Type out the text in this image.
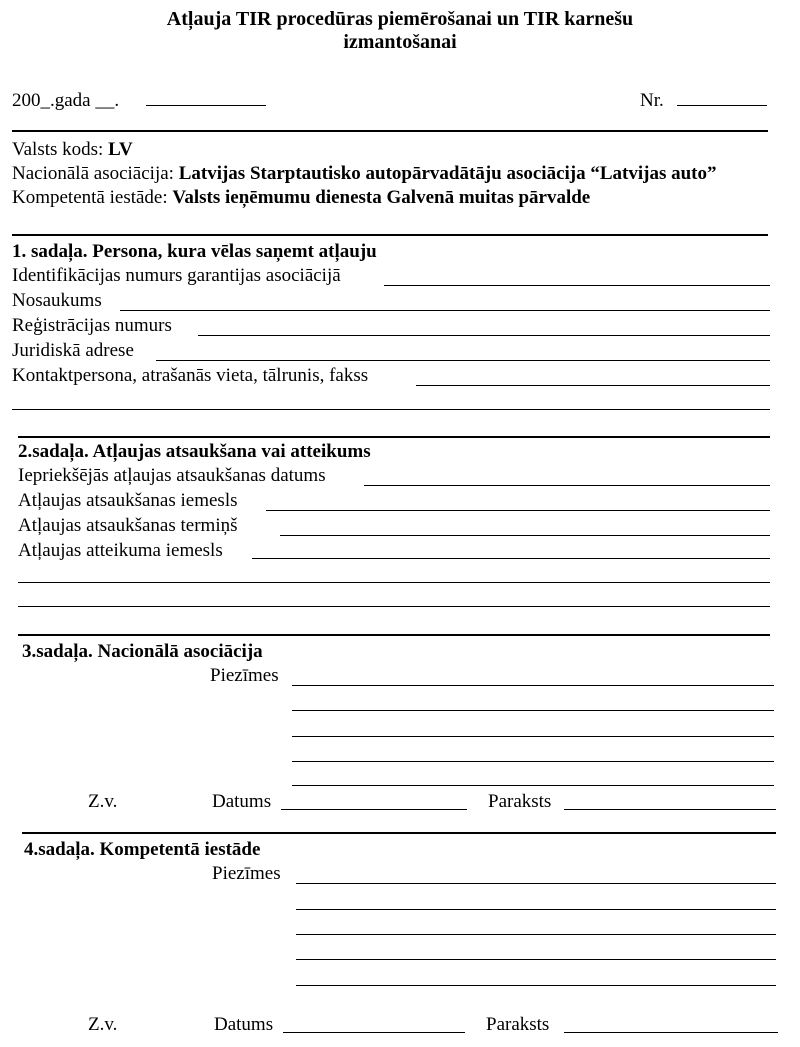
Atļauja TIR procedūras piemērošanai un TIR karnešu
izmantošanai
200_.gada __.	Nr.
Valsts kods: LV
Nacionālā asociācija: Latvijas Starptautisko autopārvadātāju asociācija “Latvijas auto”
Kompetentā iestāde: Valsts ieņēmumu dienesta Galvenā muitas pārvalde
1. sadaļa. Persona, kura vēlas saņemt atļauju
Identifikācijas numurs garantijas asociācijā
Nosaukums
Reģistrācijas numurs
Juridiskā adrese
Kontaktpersona, atrašanās vieta, tālrunis, fakss
2.sadaļa. Atļaujas atsaukšana vai atteikums
Iepriekšējās atļaujas atsaukšanas datums
Atļaujas atsaukšanas iemesls
Atļaujas atsaukšanas termiņš
Atļaujas atteikuma iemesls
3.sadaļa. Nacionālā asociācija
Piezīmes
Z.v.	Datums	Paraksts
4.sadaļa. Kompetentā iestāde
Piezīmes
Z.v.	Datums	Paraksts
